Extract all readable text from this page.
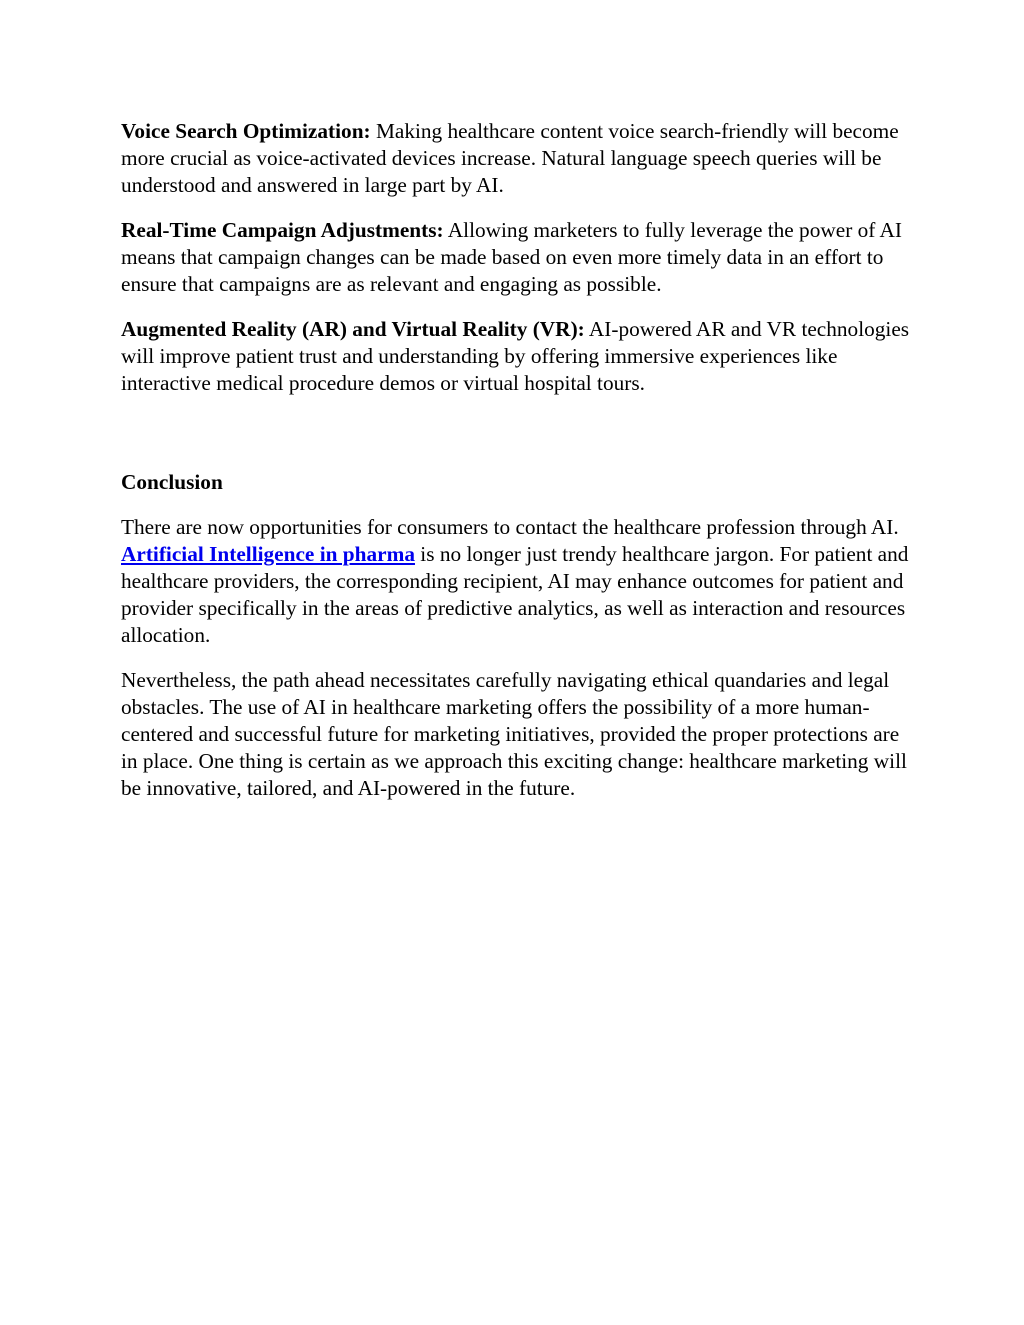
Voice Search Optimization: Making healthcare content voice search-friendly will become more crucial as voice-activated devices increase. Natural language speech queries will be understood and answered in large part by AI.

Real-Time Campaign Adjustments: Allowing marketers to fully leverage the power of AI means that campaign changes can be made based on even more timely data in an effort to ensure that campaigns are as relevant and engaging as possible.

Augmented Reality (AR) and Virtual Reality (VR): AI-powered AR and VR technologies will improve patient trust and understanding by offering immersive experiences like interactive medical procedure demos or virtual hospital tours.

Conclusion

There are now opportunities for consumers to contact the healthcare profession through AI. Artificial Intelligence in pharma is no longer just trendy healthcare jargon. For patient and healthcare providers, the corresponding recipient, AI may enhance outcomes for patient and provider specifically in the areas of predictive analytics, as well as interaction and resources allocation.

Nevertheless, the path ahead necessitates carefully navigating ethical quandaries and legal obstacles. The use of AI in healthcare marketing offers the possibility of a more human-centered and successful future for marketing initiatives, provided the proper protections are in place. One thing is certain as we approach this exciting change: healthcare marketing will be innovative, tailored, and AI-powered in the future.
